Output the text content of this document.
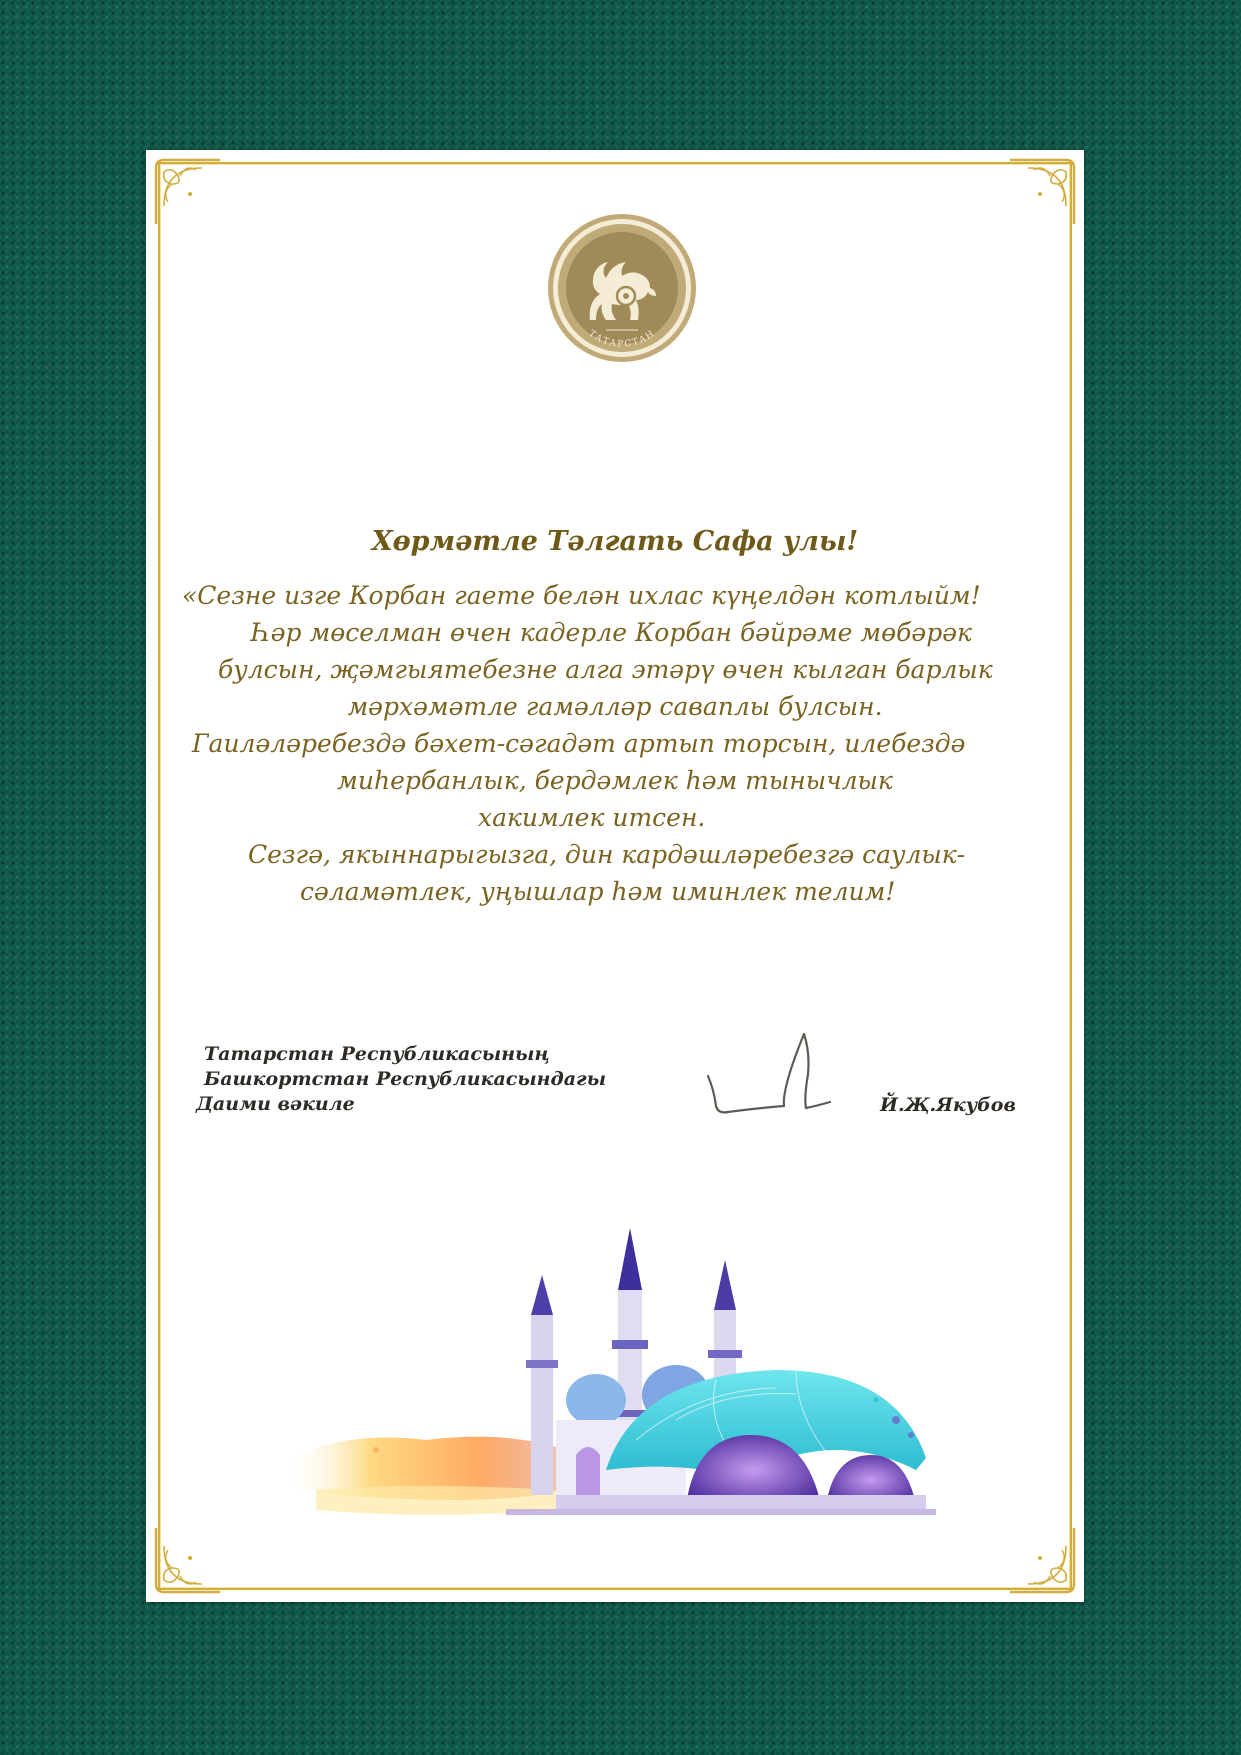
ТАТАРСТАН
Хөрмәтле Тәлгать Сафа улы!
«Сезне изге Корбан гаете белән ихлас күңелдән котлыйм!
Һәр мөселман өчен кадерле Корбан бәйрәме мөбәрәк
булсын, җәмгыятебезне алга этәрү өчен кылган барлык
мәрхәмәтле гамәлләр саваплы булсын.
Гаиләләребездә бәхет-сәгадәт артып торсын, илебездә
миһербанлык, бердәмлек һәм тынычлык
хакимлек итсен.
Сезгә, якыннарыгызга, дин кардәшләребезгә саулык-
сәламәтлек, уңышлар һәм иминлек телим!
Татарстан Республикасының
Башкортстан Республикасындагы
Даими вәкиле	Й.Җ.Якубов
